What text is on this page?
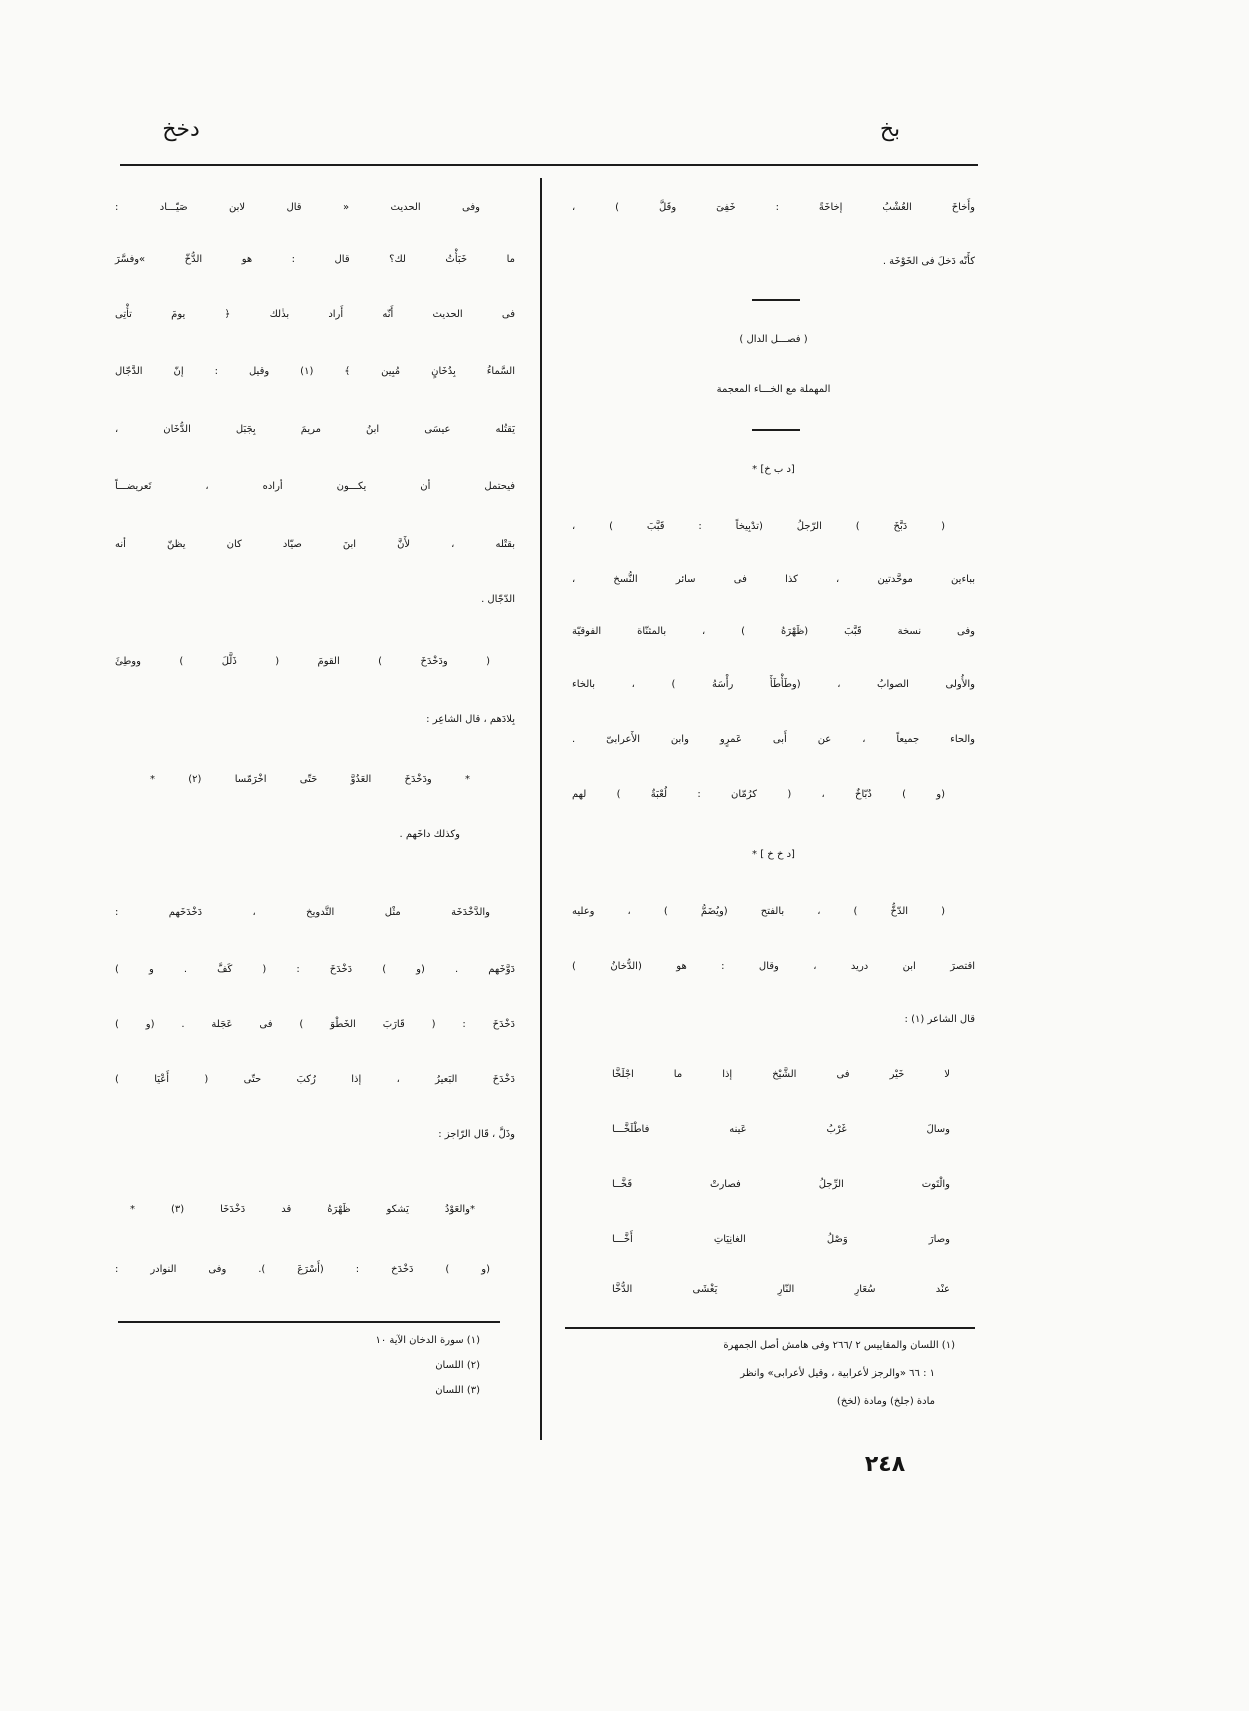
بخ
دخخ
وأَخاخَ العُشْبُ إخاخَةً : خَفِىَ وقَلَّ ) ،
كأَنّه دَخلَ فى الخَوْخَة .
( فصـــل الدال )
المهملة مع الخـــاء المعجمة
[د ب خ] *
( دَبَّخَ ) الرّجلُ (تدْبِيخاً : قَبَّبَ ) ،
بباءين موحَّدتين ، كذا فى سائر النُّسخ ،
وفى نسخة قَبَّبَ (ظَهْرَهُ ) ، بالمثنّاة الفوقيّة
والأُولى الصوابُ ، (وطَأْطَأَ رأْسَهُ ) ، بالخاء
والحاء جميعاً ، عن أَبى عَمرٍو وابن الأَعرابىّ .
(و ) دُبّاخٌ ، ( كرُمّان : لُعْبَةٌ ) لهم
[د خ خ ] *
( الدّخُّ ) ، بالفتح (ويُضَمُّ ) ، وعليه
اقتصرَ ابن دريد ، وقال : هو (الدُّخانُ )
قال الشاعر (١) :
لا خَيْر فى الشَّيْخ إذا ما اجْلَخَّا
وسالَ غَرْبُ عَينه فاطْلَخَّـــا
والْتَوت الرِّجلُ فصارتْ فَخَّــا
وصارَ وَصْلُ الغانِيَاتِ أَخَّـــا
عنْد سُعَارِ النّارِ يَغْشَى الدُّخَّا
(١) اللسان والمقاييس ٢ /٢٦٦ وفى هامش أصل الجمهرة
١ : ٦٦ «والرجز لأعرابية ، وقيل لأعرابى» وانظر
مادة (جلخ) ومادة (لخخ)
وفى الحديث « قال لابن صَيّـــاد :
ما خَبَأْتُ لك؟ قال : هو الدُّخّ »وفسَّرَ
فى الحديث أَنّه أَراد بذٰلك ﴿ يومَ تأْتِى
السَّماءُ بِدُخَانٍ مُبِين ﴾ (١) وقيل : إنّ الدَّجّال
يَقتُله عيسَى ابنُ مريمَ بِجَبَل الدُّخَان ،
فيحتمل أن يكـــون أراده ، تَعريضـــاً
بقتْله ، لأَنَّ ابنَ صيّاد كان يظنّ أنه
الدّجّال .
( ودَخْدَخَ ) القومَ ( ذَلَّلَ ) ووطِئَ
بِلادَهم ، قال الشاعِر :
* ودَخْدَخَ العَدُوَّ حَتّى اخْرَمّسا (٢) *
وكذلك داخَهم .
والدَّخْدَخَة مثْل التَّدويخ ، دَخْدَخَهم :
دَوَّخَهم . (و ) دَخْدَخَ : ( كَفَّ . و )
دَخْدَخَ : ( قَارَبَ الخَطْوَ ) فى عَجَلة . (و )
دَخْدَخَ البَعيرُ ، إذا رُكبَ حتّى ( أَعْيَا )
وذَلَّ ، قَال الرّاجز :
*والعَوْدُ يَشكو ظَهْرَهُ قد دَخْدَخَا (٣) *
(و ) دَخْدَخ : (أَسْرَعَ ). وفى النوادر :
(١) سورة الدخان الآية ١٠
(٢) اللسان
(٣) اللسان
٢٤٨
